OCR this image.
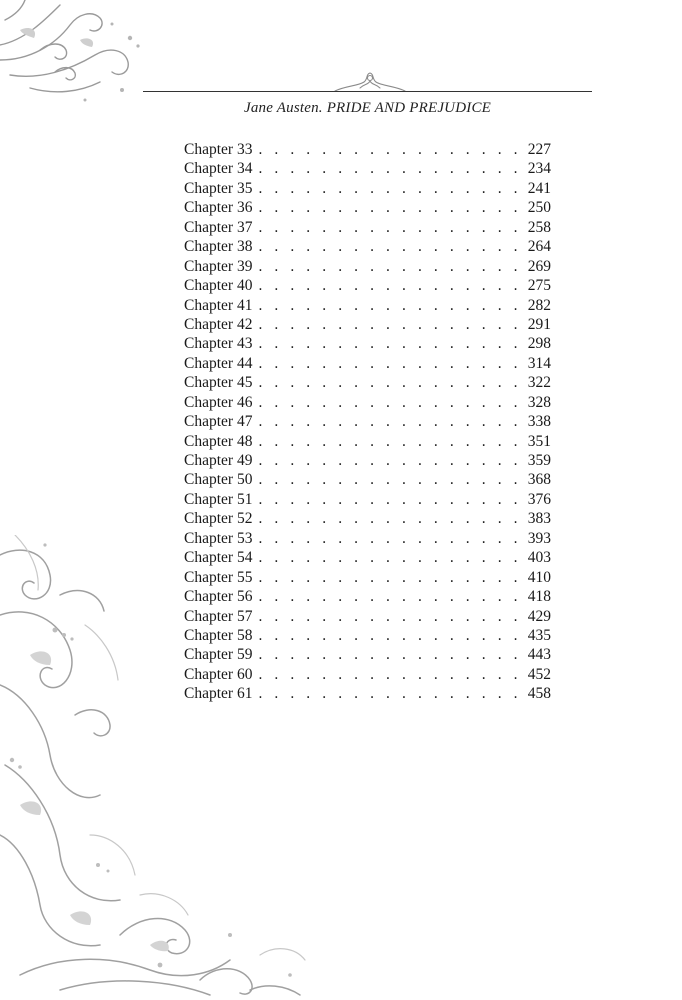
Jane Austen. PRIDE AND PREJUDICE
Chapter 33 . . .	227
Chapter 34 . . .	234
Chapter 35 . . .	241
Chapter 36 . . .	250
Chapter 37 . . .	258
Chapter 38 . . .	264
Chapter 39 . . .	269
Chapter 40 . . .	275
Chapter 41 . . .	282
Chapter 42 . . .	291
Chapter 43 . . .	298
Chapter 44 . . .	314
Chapter 45 . . .	322
Chapter 46 . . .	328
Chapter 47 . . .	338
Chapter 48 . . .	351
Chapter 49 . . .	359
Chapter 50 . . .	368
Chapter 51 . . .	376
Chapter 52 . . .	383
Chapter 53 . . .	393
Chapter 54 . . .	403
Chapter 55 . . .	410
Chapter 56 . . .	418
Chapter 57 . . .	429
Chapter 58 . . .	435
Chapter 59 . . .	443
Chapter 60 . . .	452
Chapter 61 . . .	458
